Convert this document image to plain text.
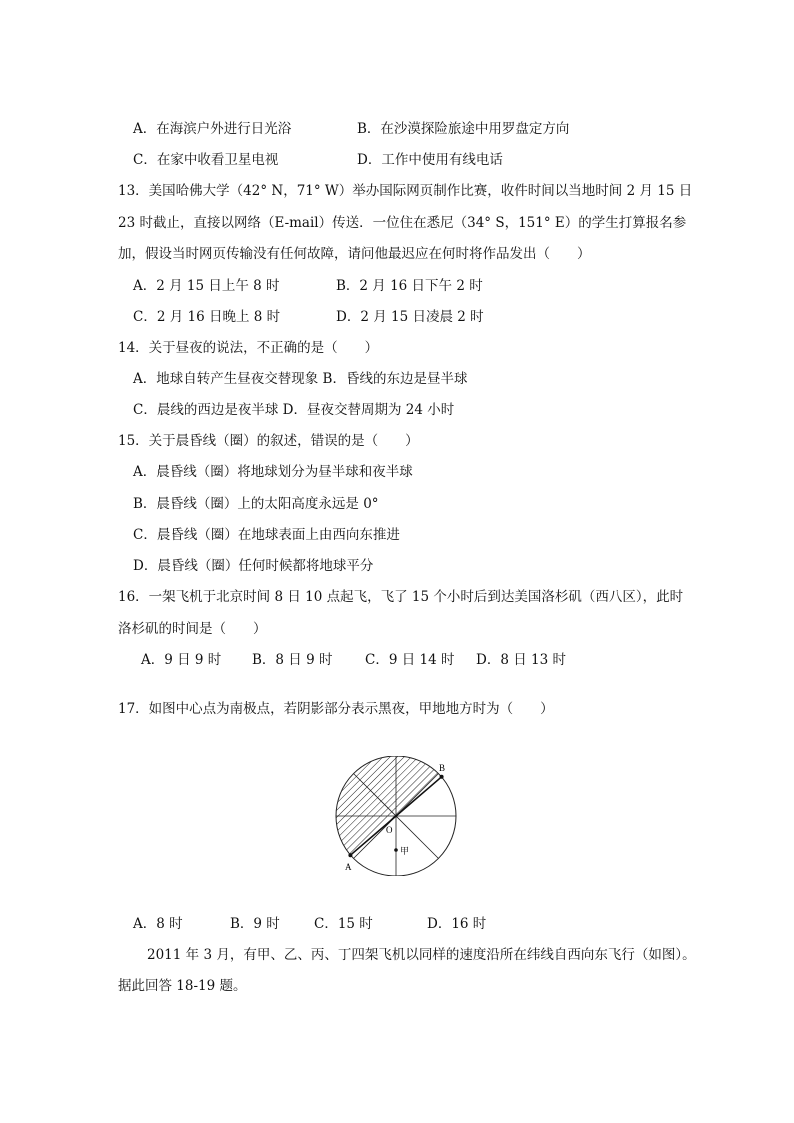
A．在海滨户外进行日光浴	B．在沙漠探险旅途中用罗盘定方向
C．在家中收看卫星电视	D．工作中使用有线电话
13．美国哈佛大学（42° N，71° W）举办国际网页制作比赛，收件时间以当地时间 2 月 15 日
23 时截止，直接以网络（E-mail）传送．一位住在悉尼（34° S，151° E）的学生打算报名参
加，假设当时网页传输没有任何故障，请问他最迟应在何时将作品发出（　　）
A．2 月 15 日上午 8 时	B．2 月 16 日下午 2 时
C．2 月 16 日晚上 8 时	D．2 月 15 日凌晨 2 时
14．关于昼夜的说法，不正确的是（　　）
A．地球自转产生昼夜交替现象 B．昏线的东边是昼半球
C．晨线的西边是夜半球 D．昼夜交替周期为 24 小时
15．关于晨昏线（圈）的叙述，错误的是（　　）
A．晨昏线（圈）将地球划分为昼半球和夜半球
B．晨昏线（圈）上的太阳高度永远是 0°
C．晨昏线（圈）在地球表面上由西向东推进
D．晨昏线（圈）任何时候都将地球平分
16．一架飞机于北京时间 8 日 10 点起飞，飞了 15 个小时后到达美国洛杉矶（西八区），此时
洛杉矶的时间是（　　）
A．9 日 9 时 B．8 日 9 时 C．9 日 14 时 D．8 日 13 时
17．如图中心点为南极点，若阴影部分表示黑夜，甲地地方时为（　　）
A
B
O
甲
A．8 时	B．9 时	C．15 时	D．16 时
2011 年 3 月，有甲、乙、丙、丁四架飞机以同样的速度沿所在纬线自西向东飞行（如图）。
据此回答 18-19 题。
